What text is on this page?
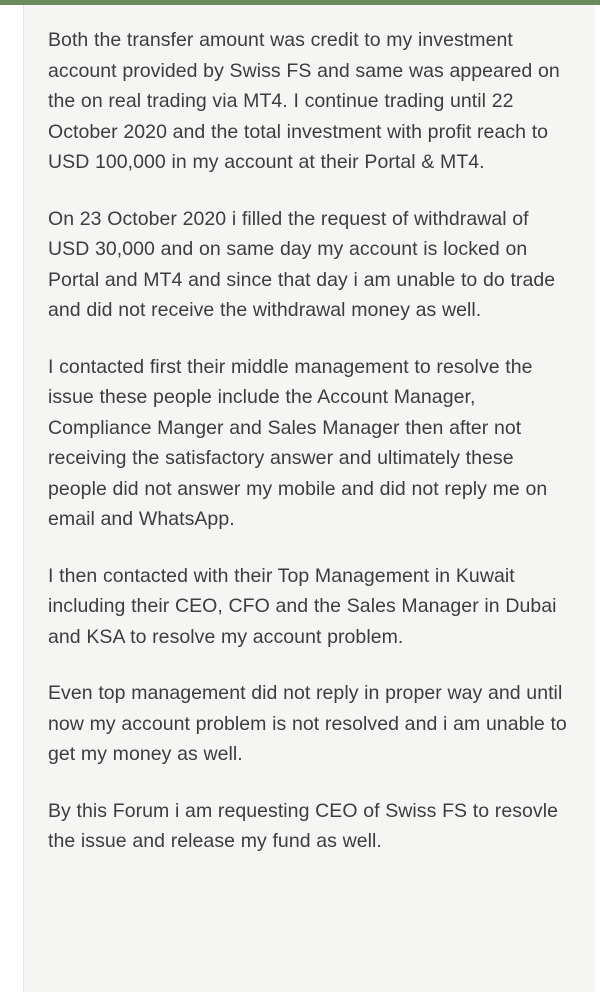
Both the transfer amount was credit to my investment account provided by Swiss FS and same was appeared on the on real trading via MT4. I continue trading until 22 October 2020 and the total investment with profit reach to USD 100,000 in my account at their Portal & MT4.

On 23 October 2020 i filled the request of withdrawal of USD 30,000 and on same day my account is locked on Portal and MT4 and since that day i am unable to do trade and did not receive the withdrawal money as well.

I contacted first their middle management to resolve the issue these people include the Account Manager, Compliance Manger and Sales Manager then after not receiving the satisfactory answer and ultimately these people did not answer my mobile and did not reply me on email and WhatsApp.

I then contacted with their Top Management in Kuwait including their CEO, CFO and the Sales Manager in Dubai and KSA to resolve my account problem.

Even top management did not reply in proper way and until now my account problem is not resolved and i am unable to get my money as well.

By this Forum i am requesting CEO of Swiss FS to resovle the issue and release my fund as well.
